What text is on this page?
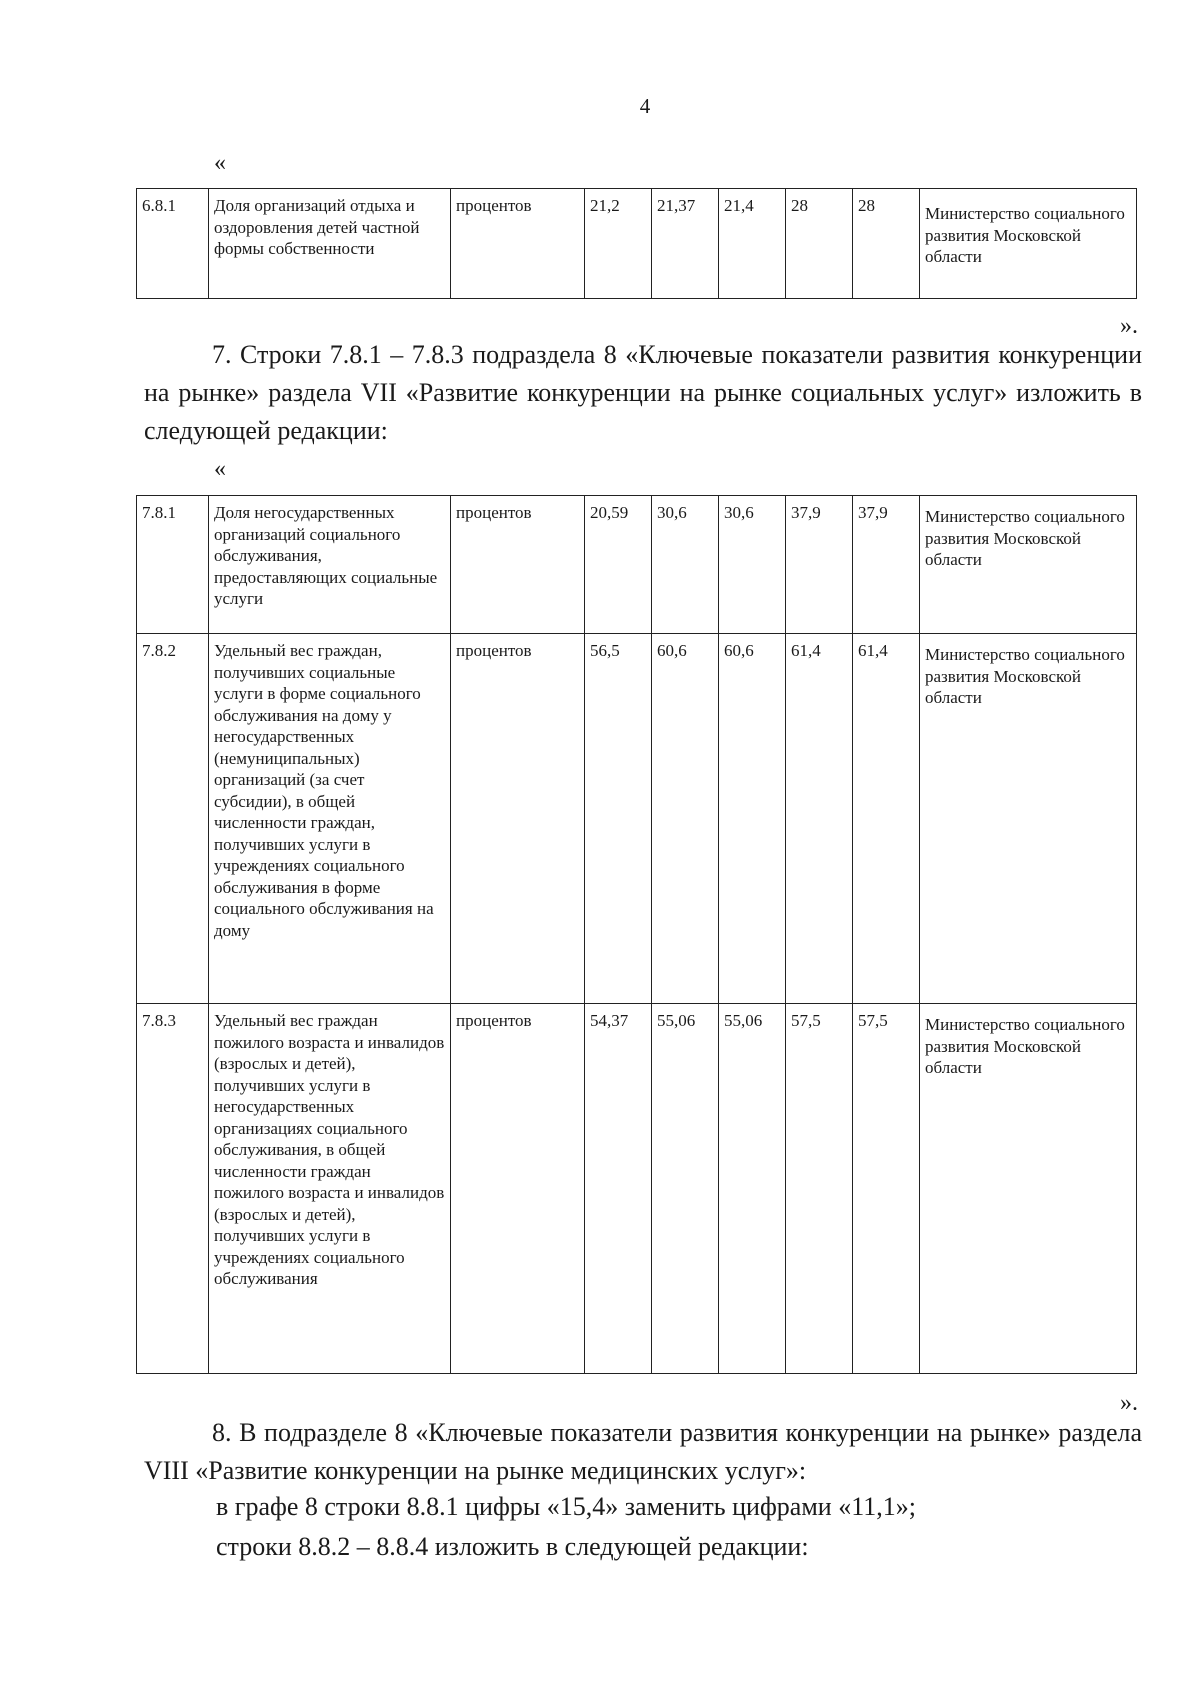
4
«
6.8.1	Доля организаций отдыха и оздоровления детей частной формы собственности	процентов	21,2	21,37	21,4	28	28	Министерство социального развития Московской области
».
7. Строки 7.8.1 – 7.8.3 подраздела 8 «Ключевые показатели развития конкуренции на рынке» раздела VII «Развитие конкуренции на рынке социальных услуг» изложить в следующей редакции:
«
7.8.1	Доля негосударственных организаций социального обслуживания, предоставляющих социальные услуги	процентов	20,59	30,6	30,6	37,9	37,9	Министерство социального развития Московской области
7.8.2	Удельный вес граждан, получивших социальные услуги в форме социального обслуживания на дому у негосударственных (немуниципальных) организаций (за счет субсидии), в общей численности граждан, получивших услуги в учреждениях социального обслуживания в форме социального обслуживания на дому	процентов	56,5	60,6	60,6	61,4	61,4	Министерство социального развития Московской области
7.8.3	Удельный вес граждан пожилого возраста и инвалидов (взрослых и детей), получивших услуги в негосударственных организациях социального обслуживания, в общей численности граждан пожилого возраста и инвалидов (взрослых и детей), получивших услуги в учреждениях социального обслуживания	процентов	54,37	55,06	55,06	57,5	57,5	Министерство социального развития Московской области
».
8. В подразделе 8 «Ключевые показатели развития конкуренции на рынке» раздела VIII «Развитие конкуренции на рынке медицинских услуг»:
в графе 8 строки 8.8.1 цифры «15,4» заменить цифрами «11,1»;
строки 8.8.2 – 8.8.4 изложить в следующей редакции:
